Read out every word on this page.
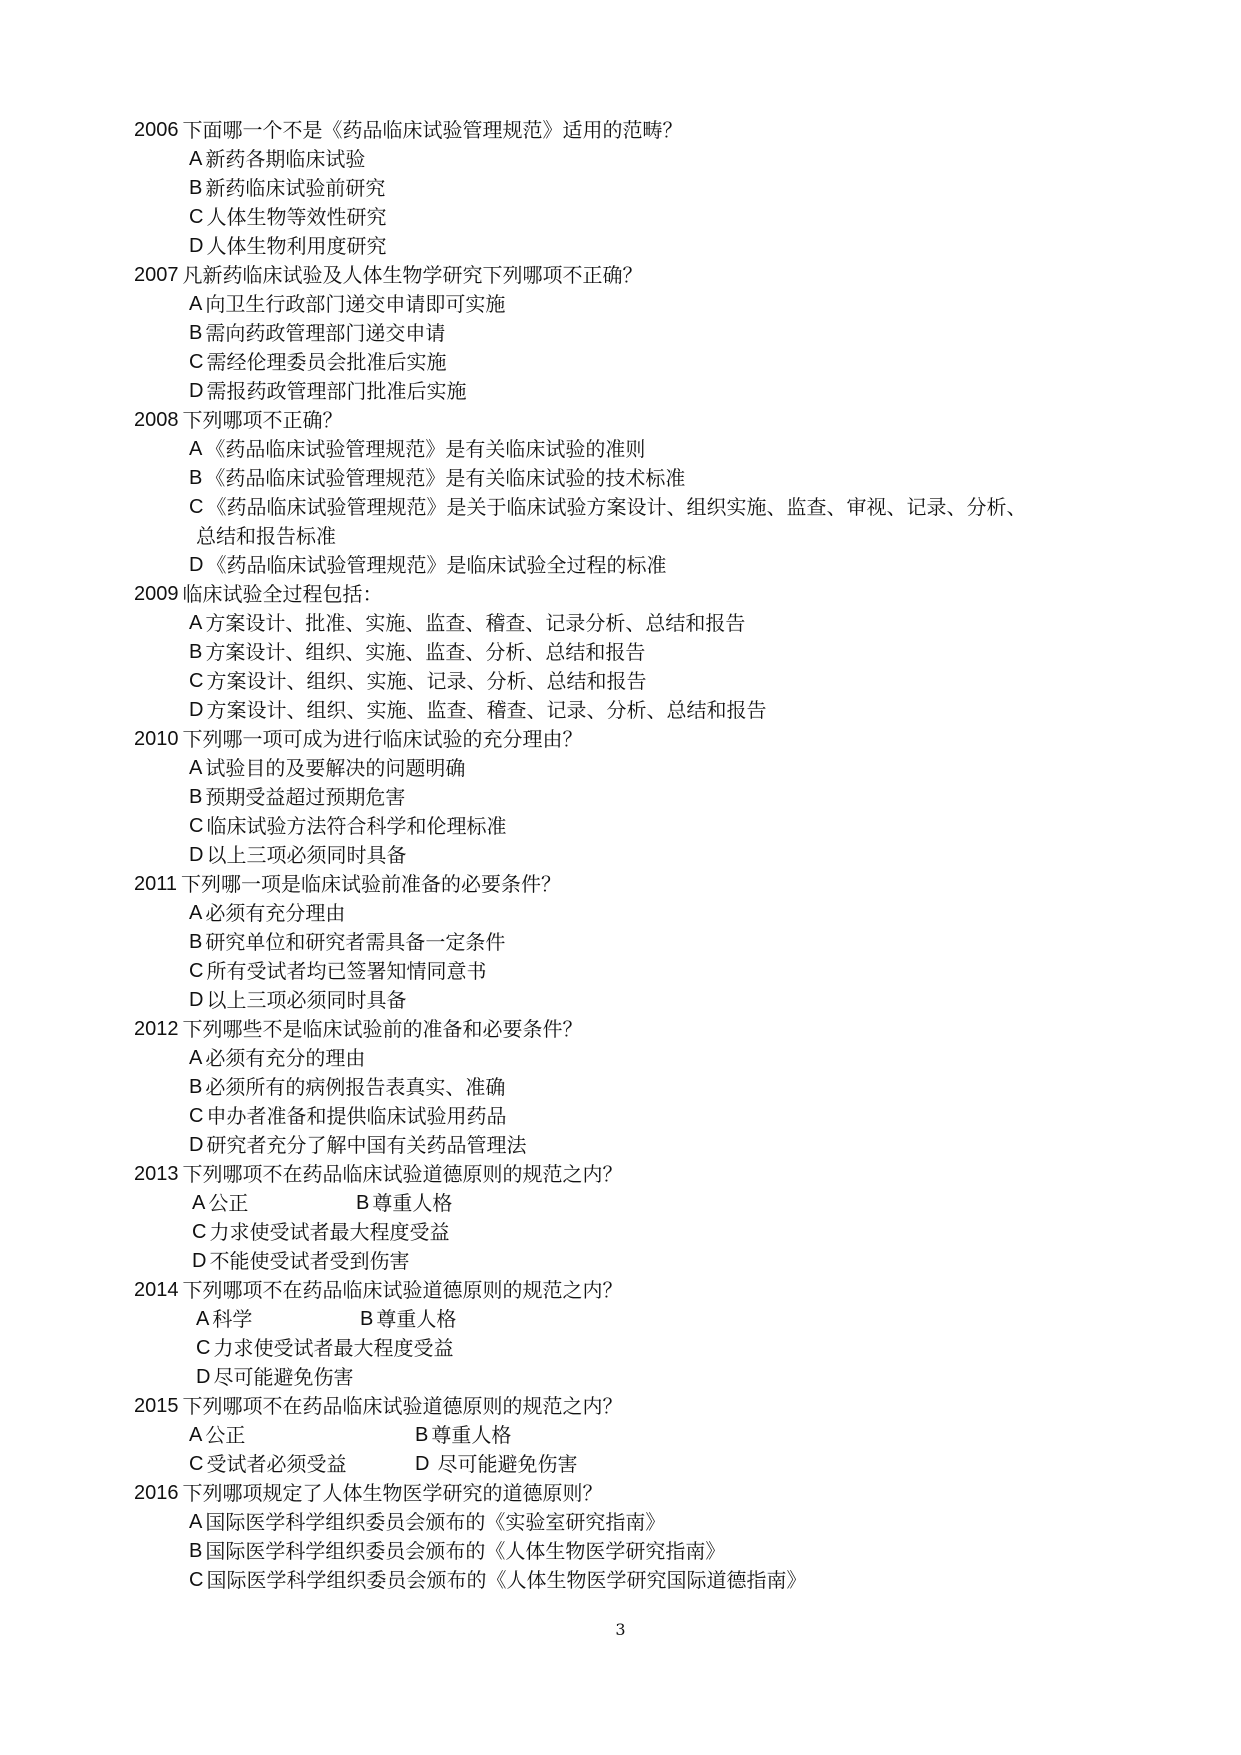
2006 下面哪一个不是《药品临床试验管理规范》适用的范畴？
A 新药各期临床试验
B 新药临床试验前研究
C 人体生物等效性研究
D 人体生物利用度研究
2007 凡新药临床试验及人体生物学研究下列哪项不正确？
A 向卫生行政部门递交申请即可实施
B 需向药政管理部门递交申请
C 需经伦理委员会批准后实施
D 需报药政管理部门批准后实施
2008 下列哪项不正确？
A 《药品临床试验管理规范》是有关临床试验的准则
B 《药品临床试验管理规范》是有关临床试验的技术标准
C 《药品临床试验管理规范》是关于临床试验方案设计、组织实施、监查、审视、记录、分析、
总结和报告标准
D 《药品临床试验管理规范》是临床试验全过程的标准
2009 临床试验全过程包括：
A 方案设计、批准、实施、监查、稽查、记录分析、总结和报告
B 方案设计、组织、实施、监查、分析、总结和报告
C 方案设计、组织、实施、记录、分析、总结和报告
D 方案设计、组织、实施、监查、稽查、记录、分析、总结和报告
2010 下列哪一项可成为进行临床试验的充分理由？
A 试验目的及要解决的问题明确
B 预期受益超过预期危害
C 临床试验方法符合科学和伦理标准
D 以上三项必须同时具备
2011 下列哪一项是临床试验前准备的必要条件？
A 必须有充分理由
B 研究单位和研究者需具备一定条件
C 所有受试者均已签署知情同意书
D 以上三项必须同时具备
2012 下列哪些不是临床试验前的准备和必要条件？
A 必须有充分的理由
B 必须所有的病例报告表真实、准确
C 申办者准备和提供临床试验用药品
D 研究者充分了解中国有关药品管理法
2013 下列哪项不在药品临床试验道德原则的规范之内？
A 公正	B 尊重人格
C 力求使受试者最大程度受益
D 不能使受试者受到伤害
2014 下列哪项不在药品临床试验道德原则的规范之内？
A 科学	B 尊重人格
C 力求使受试者最大程度受益
D 尽可能避免伤害
2015 下列哪项不在药品临床试验道德原则的规范之内？
A 公正	B 尊重人格
C 受试者必须受益	D 尽可能避免伤害
2016 下列哪项规定了人体生物医学研究的道德原则？
A 国际医学科学组织委员会颁布的《实验室研究指南》
B 国际医学科学组织委员会颁布的《人体生物医学研究指南》
C 国际医学科学组织委员会颁布的《人体生物医学研究国际道德指南》
3
